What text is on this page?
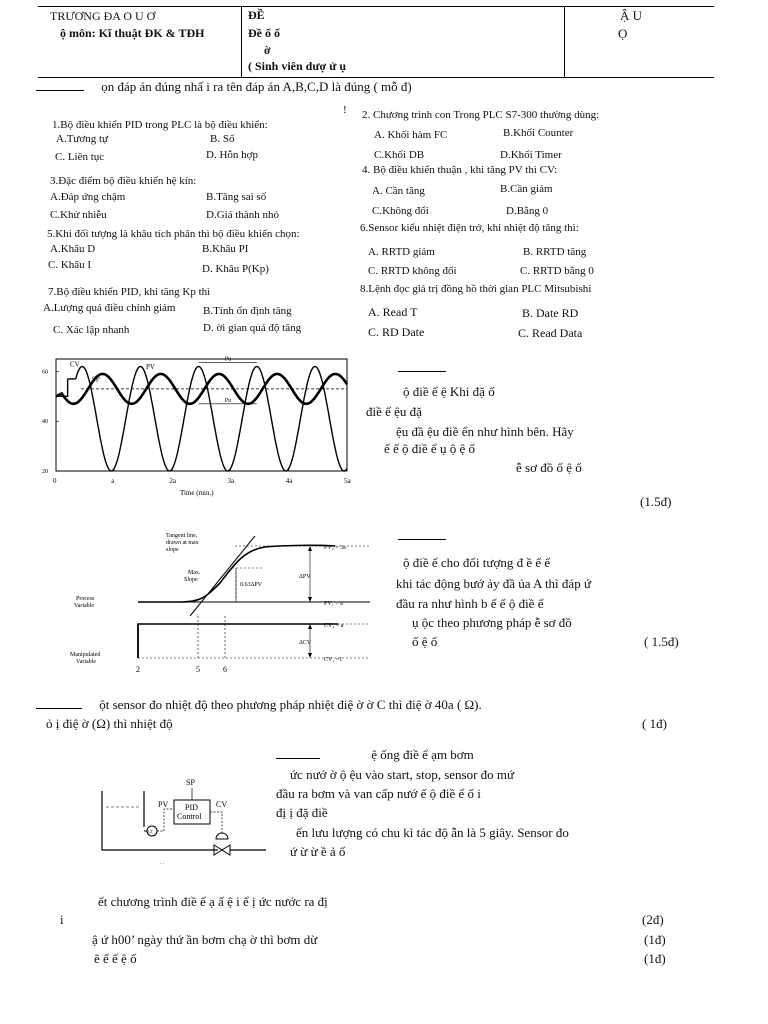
TRƯƠNG ĐA O U Ơ
ộ môn: Kĩ thuật ĐK & TĐH
ĐỀ
Đề ố ố
ờ
( Sinh viên dượ ử ụ
Ậ U
Ọ
ọn đáp án đúng nhấ i ra tên đáp án A,B,C,D là đúng ( mỗ đ)
!
1.Bộ điều khiển PID trong PLC là bộ điều khiển:
A.Tương tự	B. Số
C. Liên tục	D. Hỗn hợp
3.Đặc điểm bộ điều khiển hệ kín:
A.Đáp ứng chậm	B.Tăng sai số
C.Khử nhiễu	D.Giá thành nhỏ
5.Khi đối tượng là khâu tích phân thì bộ điều khiển chọn:
A.Khâu D	B.Khâu PI
C. Khâu I	D. Khâu P(Kp)
7.Bộ điều khiển PID, khi tăng Kp thì
A.Lượng quá điều chỉnh giảm	B.Tính ổn định tăng
C. Xác lập nhanh	D. ời gian quá độ tăng
2. Chương trình con Trong PLC S7-300 thường dùng:
A. Khối hàm FC	B.Khối Counter
C.Khối DB	D.Khối Timer
4. Bộ điều khiển thuận , khi tăng PV thì CV:
A. Cần tăng	B.Cần giảm
C.Không đổi	D.Bằng 0
6.Sensor kiểu nhiệt điện trở, khi nhiệt độ tăng thì:
A. RRTD giảm	B. RRTD tăng
C. RRTD không đổi	C. RRTD bằng 0
8.Lệnh đọc giá trị đồng hồ thời gian PLC Mitsubishi
A. Read T	B. Date RD
C. RD Date	C. Read Data
20
40
60
0	a	2a	3a	4a	5a
CV
SP
PV
Pu
Pu
Time (min.)
ộ điề ể ệ Khi đặ ố
điề ể ệu đặ
ệu đầ ệu điề ển như hình bên. Hãy
ế ế ộ điề ể ụ ộ ệ ố
ễ sơ đồ ố ệ ố
(1.5đ)
Tangent line, drawn at max slope
Max. Slope
0.63ΔPV
PV₂ = 3a
PV₁ = a
ΔPV
CV₂ = a
CV₁ =1
ΔCV
Process Variable
Manipulated Variable
2	5	6
ộ điề ể cho đối tượng đ ề ể ế
khi tác động bướ ảy đầ ủa A thì đáp ứ
đầu ra như hình b ế ế ộ điề ể
ụ ộc theo phương pháp ễ sơ đồ
ố ệ ố	( 1.5đ)
ột sensor đo nhiệt độ theo phương pháp nhiệt điệ ờ ờ C thì điệ ờ 40a ( Ω).
ỏ ị điệ ờ (Ω) thì nhiệt độ	( 1đ)
ệ ống điề ể ạm bơm
ức nướ ờ ộ ệu vào start, stop, sensor đo mứ
đầu ra bơm và van cấp nướ ế ộ điề ể ố i
đị ị đặ điề
ển lưu lượng có chu kì tác độ ẫn là 5 giây. Sensor đo
ứ ừ ừ ề ả ố
LT
PID Control
SP
PV	CV
. .
ết chương trình điề ể ạ ấ ệ i ể ị ức nước ra đị
i	(2đ)
ậ ứ h00’ ngày thứ ần bơm chạ ờ thì bơm dừ	(1đ)
ẽ ế ế ệ ố	(1đ)
